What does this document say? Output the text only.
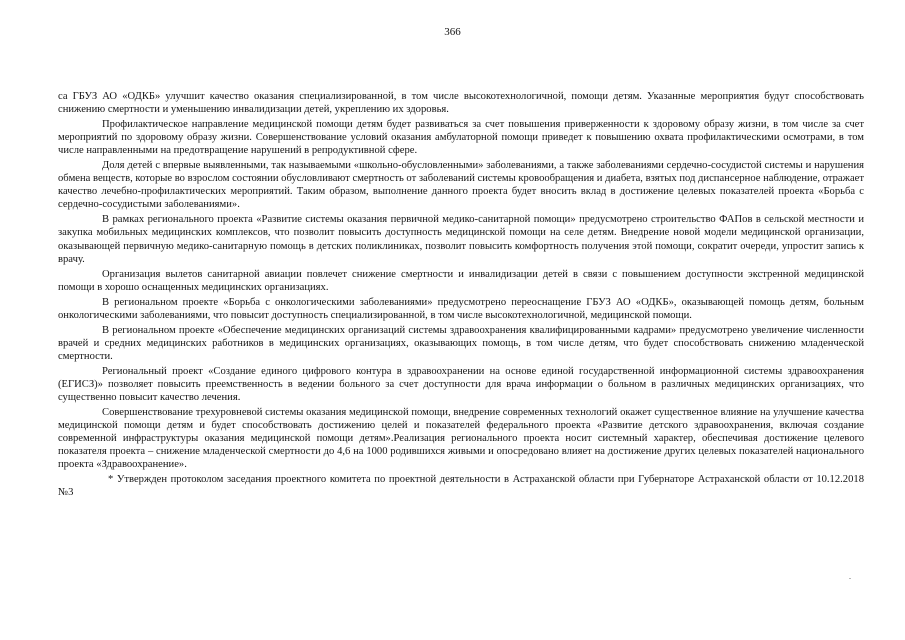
366

са ГБУЗ АО «ОДКБ» улучшит качество оказания специализированной, в том числе высокотехнологичной, помощи детям. Указанные мероприятия будут способствовать снижению смертности и уменьшению инвалидизации детей, укреплению их здоровья.

Профилактическое направление медицинской помощи детям будет развиваться за счет повышения приверженности к здоровому образу жизни, в том числе за счет мероприятий по здоровому образу жизни. Совершенствование условий оказания амбулаторной помощи приведет к повышению охвата профилактическими осмотрами, в том числе направленными на предотвращение нарушений в репродуктивной сфере.

Доля детей с впервые выявленными, так называемыми «школьно-обусловленными» заболеваниями, а также заболеваниями сердечно-сосудистой системы и нарушения обмена веществ, которые во взрослом состоянии обусловливают смертность от заболеваний системы кровообращения и диабета, взятых под диспансерное наблюдение, отражает качество лечебно-профилактических мероприятий. Таким образом, выполнение данного проекта будет вносить вклад в достижение целевых показателей проекта «Борьба с сердечно-сосудистыми заболеваниями».

В рамках регионального проекта «Развитие системы оказания первичной медико-санитарной помощи» предусмотрено строительство ФАПов в сельской местности и закупка мобильных медицинских комплексов, что позволит повысить доступность медицинской помощи на селе детям. Внедрение новой модели медицинской организации, оказывающей первичную медико-санитарную помощь в детских поликлиниках, позволит повысить комфортность получения этой помощи, сократит очереди, упростит запись к врачу.

Организация вылетов санитарной авиации повлечет снижение смертности и инвалидизации детей в связи с повышением доступности экстренной медицинской помощи в хорошо оснащенных медицинских организациях.

В региональном проекте «Борьба с онкологическими заболеваниями» предусмотрено переоснащение ГБУЗ АО «ОДКБ», оказывающей помощь детям, больным онкологическими заболеваниями, что повысит доступность специализированной, в том числе высокотехнологичной, медицинской помощи.

В региональном проекте «Обеспечение медицинских организаций системы здравоохранения квалифицированными кадрами» предусмотрено увеличение численности врачей и средних медицинских работников в медицинских организациях, оказывающих помощь, в том числе детям, что будет способствовать снижению младенческой смертности.

Региональный проект «Создание единого цифрового контура в здравоохранении на основе единой государственной информационной системы здравоохранения (ЕГИСЗ)» позволяет повысить преемственность в ведении больного за счет доступности для врача информации о больном в различных медицинских организациях, что существенно повысит качество лечения.

Совершенствование трехуровневой системы оказания медицинской помощи, внедрение современных технологий окажет существенное влияние на улучшение качества медицинской помощи детям и будет способствовать достижению целей и показателей федерального проекта «Развитие детского здравоохранения, включая создание современной инфраструктуры оказания медицинской помощи детям».Реализация регионального проекта носит системный характер, обеспечивая достижение целевого показателя проекта – снижение младенческой смертности до 4,6 на 1000 родившихся живыми и опосредовано влияет на достижение других целевых показателей национального проекта «Здравоохранение».

* Утвержден протоколом заседания проектного комитета по проектной деятельности в Астраханской области при Губернаторе Астраханской области от 10.12.2018 №3
